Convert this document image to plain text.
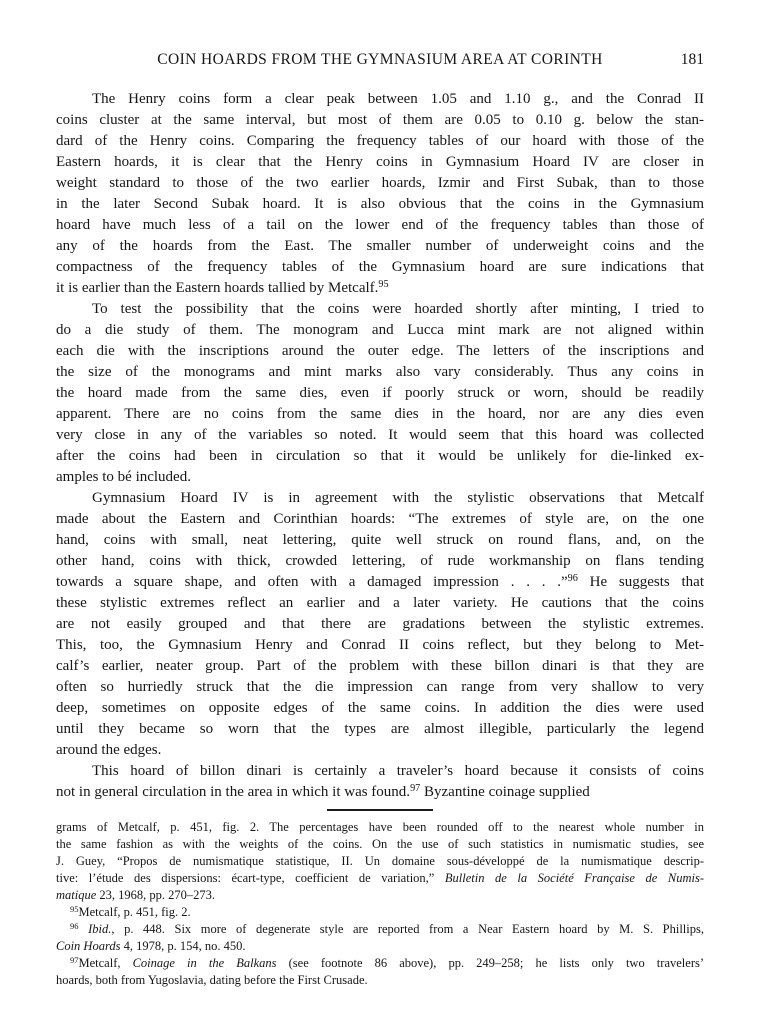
COIN HOARDS FROM THE GYMNASIUM AREA AT CORINTH	181
The Henry coins form a clear peak between 1.05 and 1.10 g., and the Conrad II
coins cluster at the same interval, but most of them are 0.05 to 0.10 g. below the stan-
dard of the Henry coins. Comparing the frequency tables of our hoard with those of the
Eastern hoards, it is clear that the Henry coins in Gymnasium Hoard IV are closer in
weight standard to those of the two earlier hoards, Izmir and First Subak, than to those
in the later Second Subak hoard. It is also obvious that the coins in the Gymnasium
hoard have much less of a tail on the lower end of the frequency tables than those of
any of the hoards from the East. The smaller number of underweight coins and the
compactness of the frequency tables of the Gymnasium hoard are sure indications that
it is earlier than the Eastern hoards tallied by Metcalf.$^{95}$
To test the possibility that the coins were hoarded shortly after minting, I tried to
do a die study of them. The monogram and Lucca mint mark are not aligned within
each die with the inscriptions around the outer edge. The letters of the inscriptions and
the size of the monograms and mint marks also vary considerably. Thus any coins in
the hoard made from the same dies, even if poorly struck or worn, should be readily
apparent. There are no coins from the same dies in the hoard, nor are any dies even
very close in any of the variables so noted. It would seem that this hoard was collected
after the coins had been in circulation so that it would be unlikely for die-linked ex-
amples to bé included.
Gymnasium Hoard IV is in agreement with the stylistic observations that Metcalf
made about the Eastern and Corinthian hoards: “The extremes of style are, on the one
hand, coins with small, neat lettering, quite well struck on round flans, and, on the
other hand, coins with thick, crowded lettering, of rude workmanship on flans tending
towards a square shape, and often with a damaged impression . . . .”$^{96}$ He suggests that
these stylistic extremes reflect an earlier and a later variety. He cautions that the coins
are not easily grouped and that there are gradations between the stylistic extremes.
This, too, the Gymnasium Henry and Conrad II coins reflect, but they belong to Met-
calf’s earlier, neater group. Part of the problem with these billon dinari is that they are
often so hurriedly struck that the die impression can range from very shallow to very
deep, sometimes on opposite edges of the same coins. In addition the dies were used
until they became so worn that the types are almost illegible, particularly the legend
around the edges.
This hoard of billon dinari is certainly a traveler’s hoard because it consists of coins
not in general circulation in the area in which it was found.$^{97}$ Byzantine coinage supplied
grams of Metcalf, p. 451, fig. 2. The percentages have been rounded off to the nearest whole number in
the same fashion as with the weights of the coins. On the use of such statistics in numismatic studies, see
J. Guey, “Propos de numismatique statistique, II. Un domaine sous-développé de la numismatique descrip-
tive: l’étude des dispersions: écart-type, coefficient de variation,” Bulletin de la Société Française de Numis-
matique 23, 1968, pp. 270–273.
$^{95}$Metcalf, p. 451, fig. 2.
$^{96}$ Ibid., p. 448. Six more of degenerate style are reported from a Near Eastern hoard by M. S. Phillips,
Coin Hoards 4, 1978, p. 154, no. 450.
$^{97}$Metcalf, Coinage in the Balkans (see footnote 86 above), pp. 249–258; he lists only two travelers’
hoards, both from Yugoslavia, dating before the First Crusade.
